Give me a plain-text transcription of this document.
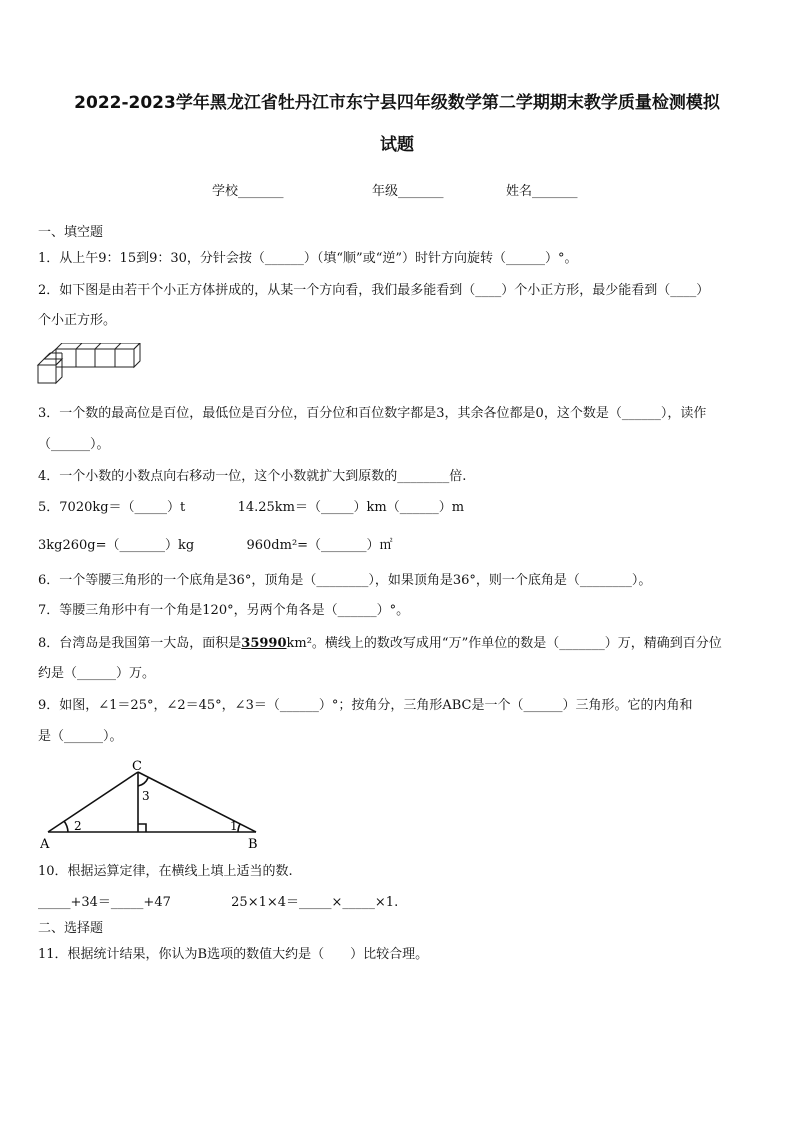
2022-2023学年黑龙江省牡丹江市东宁县四年级数学第二学期期末教学质量检测模拟
试题
学校_______	年级_______	姓名_______
一、填空题
1．从上午9：15到9：30，分针会按（______）（填“顺”或“逆”）时针方向旋转（______）°。
2．如下图是由若干个小正方体拼成的，从某一个方向看，我们最多能看到（____）个小正方形，最少能看到（____）
个小正方形。
3．一个数的最高位是百位，最低位是百分位，百分位和百位数字都是3，其余各位都是0，这个数是（______），读作
（______）。
4．一个小数的小数点向右移动一位，这个小数就扩大到原数的________倍.
5．7020kg＝（_____）t	14.25km＝（_____）km（______）m
3kg260g=（_______）kg	960dm²=（_______）㎡
6．一个等腰三角形的一个底角是36°，顶角是（________），如果顶角是36°，则一个底角是（________）。
7．等腰三角形中有一个角是120°，另两个角各是（______）°。
8．台湾岛是我国第一大岛，面积是35990km²。横线上的数改写成用“万”作单位的数是（_______）万，精确到百分位
约是（______）万。
9．如图，∠1＝25°，∠2＝45°，∠3＝（______）°；按角分，三角形ABC是一个（______）三角形。它的内角和
是（______）。
C
A	B
2	1
3
10．根据运算定律，在横线上填上适当的数.
_____+34＝_____+47	25×1×4＝_____×_____×1.
二、选择题
11．根据统计结果，你认为B选项的数值大约是（　　）比较合理。
